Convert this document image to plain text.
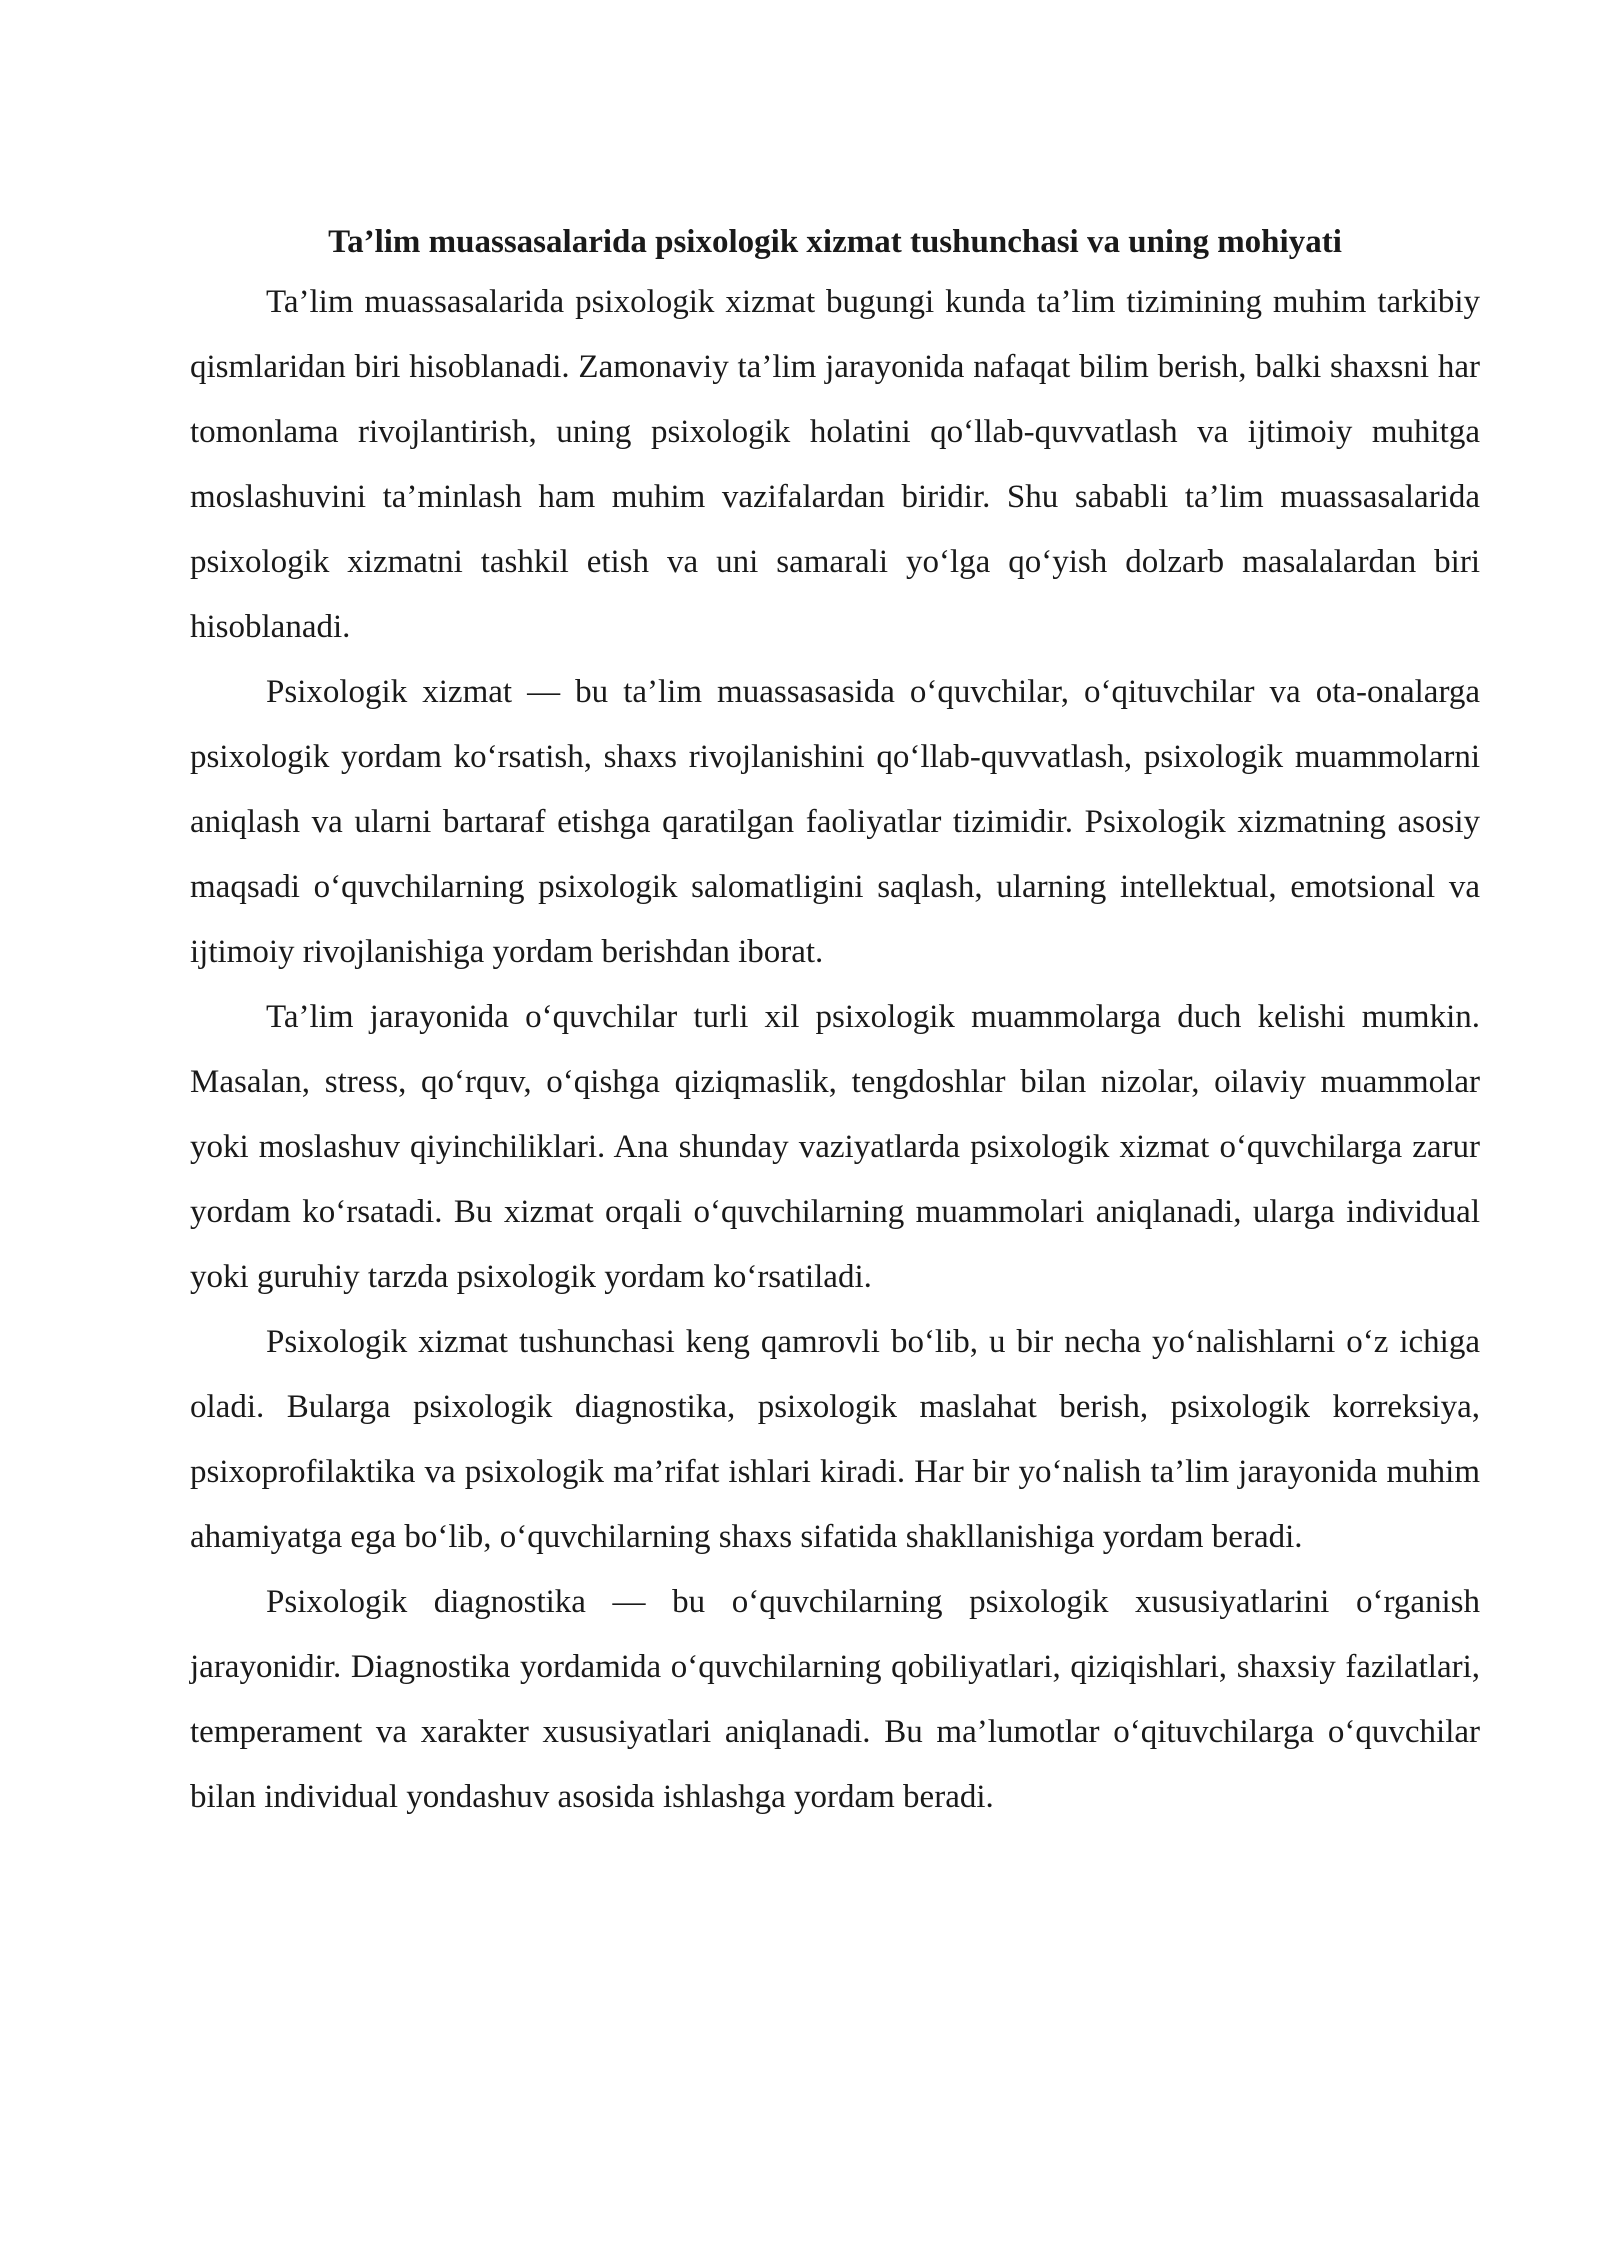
Ta’lim muassasalarida psixologik xizmat tushunchasi va uning mohiyati

Ta’lim muassasalarida psixologik xizmat bugungi kunda ta’lim tizimining muhim tarkibiy qismlaridan biri hisoblanadi. Zamonaviy ta’lim jarayonida nafaqat bilim berish, balki shaxsni har tomonlama rivojlantirish, uning psixologik holatini qo‘llab-quvvatlash va ijtimoiy muhitga moslashuvini ta’minlash ham muhim vazifalardan biridir. Shu sababli ta’lim muassasalarida psixologik xizmatni tashkil etish va uni samarali yo‘lga qo‘yish dolzarb masalalardan biri hisoblanadi.

Psixologik xizmat — bu ta’lim muassasasida o‘quvchilar, o‘qituvchilar va ota-onalarga psixologik yordam ko‘rsatish, shaxs rivojlanishini qo‘llab-quvvatlash, psixologik muammolarni aniqlash va ularni bartaraf etishga qaratilgan faoliyatlar tizimidir. Psixologik xizmatning asosiy maqsadi o‘quvchilarning psixologik salomatligini saqlash, ularning intellektual, emotsional va ijtimoiy rivojlanishiga yordam berishdan iborat.

Ta’lim jarayonida o‘quvchilar turli xil psixologik muammolarga duch kelishi mumkin. Masalan, stress, qo‘rquv, o‘qishga qiziqmaslik, tengdoshlar bilan nizolar, oilaviy muammolar yoki moslashuv qiyinchiliklari. Ana shunday vaziyatlarda psixologik xizmat o‘quvchilarga zarur yordam ko‘rsatadi. Bu xizmat orqali o‘quvchilarning muammolari aniqlanadi, ularga individual yoki guruhiy tarzda psixologik yordam ko‘rsatiladi.

Psixologik xizmat tushunchasi keng qamrovli bo‘lib, u bir necha yo‘nalishlarni o‘z ichiga oladi. Bularga psixologik diagnostika, psixologik maslahat berish, psixologik korreksiya, psixoprofilaktika va psixologik ma’rifat ishlari kiradi. Har bir yo‘nalish ta’lim jarayonida muhim ahamiyatga ega bo‘lib, o‘quvchilarning shaxs sifatida shakllanishiga yordam beradi.

Psixologik diagnostika — bu o‘quvchilarning psixologik xususiyatlarini o‘rganish jarayonidir. Diagnostika yordamida o‘quvchilarning qobiliyatlari, qiziqishlari, shaxsiy fazilatlari, temperament va xarakter xususiyatlari aniqlanadi. Bu ma’lumotlar o‘qituvchilarga o‘quvchilar bilan individual yondashuv asosida ishlashga yordam beradi.
